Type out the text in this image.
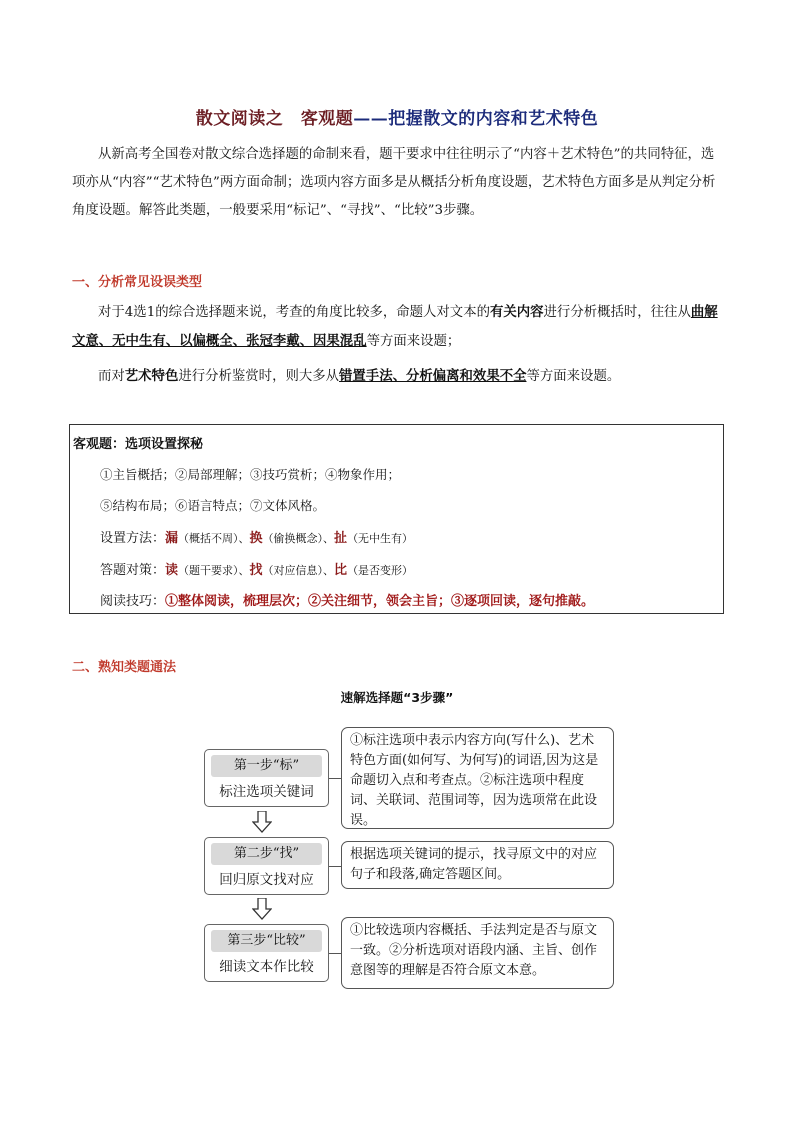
散文阅读之　客观题——把握散文的内容和艺术特色
从新高考全国卷对散文综合选择题的命制来看，题干要求中往往明示了“内容＋艺术特色”的共同特征，选项亦从“内容”“艺术特色”两方面命制；选项内容方面多是从概括分析角度设题，艺术特色方面多是从判定分析角度设题。解答此类题，一般要采用“标记”、“寻找”、“比较”3步骤。
一、分析常见设误类型
对于4选1的综合选择题来说，考查的角度比较多，命题人对文本的有关内容进行分析概括时，往往从曲解文意、无中生有、以偏概全、张冠李戴、因果混乱等方面来设题；
而对艺术特色进行分析鉴赏时，则大多从错置手法、分析偏离和效果不全等方面来设题。
客观题：选项设置探秘
①主旨概括；②局部理解；③技巧赏析；④物象作用；
⑤结构布局；⑥语言特点；⑦文体风格。
设置方法：漏（概括不周）、换（偷换概念）、扯（无中生有）
答题对策：读（题干要求）、找（对应信息）、比（是否变形）
阅读技巧：①整体阅读，梳理层次；②关注细节，领会主旨；③逐项回读，逐句推敲。
二、熟知类题通法
速解选择题“3步骤”
第一步“标”
标注选项关键词
①标注选项中表示内容方向(写什么)、艺术特色方面(如何写、为何写)的词语,因为这是命题切入点和考查点。②标注选项中程度词、关联词、范围词等，因为选项常在此设误。
第二步“找”
回归原文找对应
根据选项关键词的提示，找寻原文中的对应句子和段落,确定答题区间。
第三步“比较”
细读文本作比较
①比较选项内容概括、手法判定是否与原文一致。②分析选项对语段内涵、主旨、创作意图等的理解是否符合原文本意。
